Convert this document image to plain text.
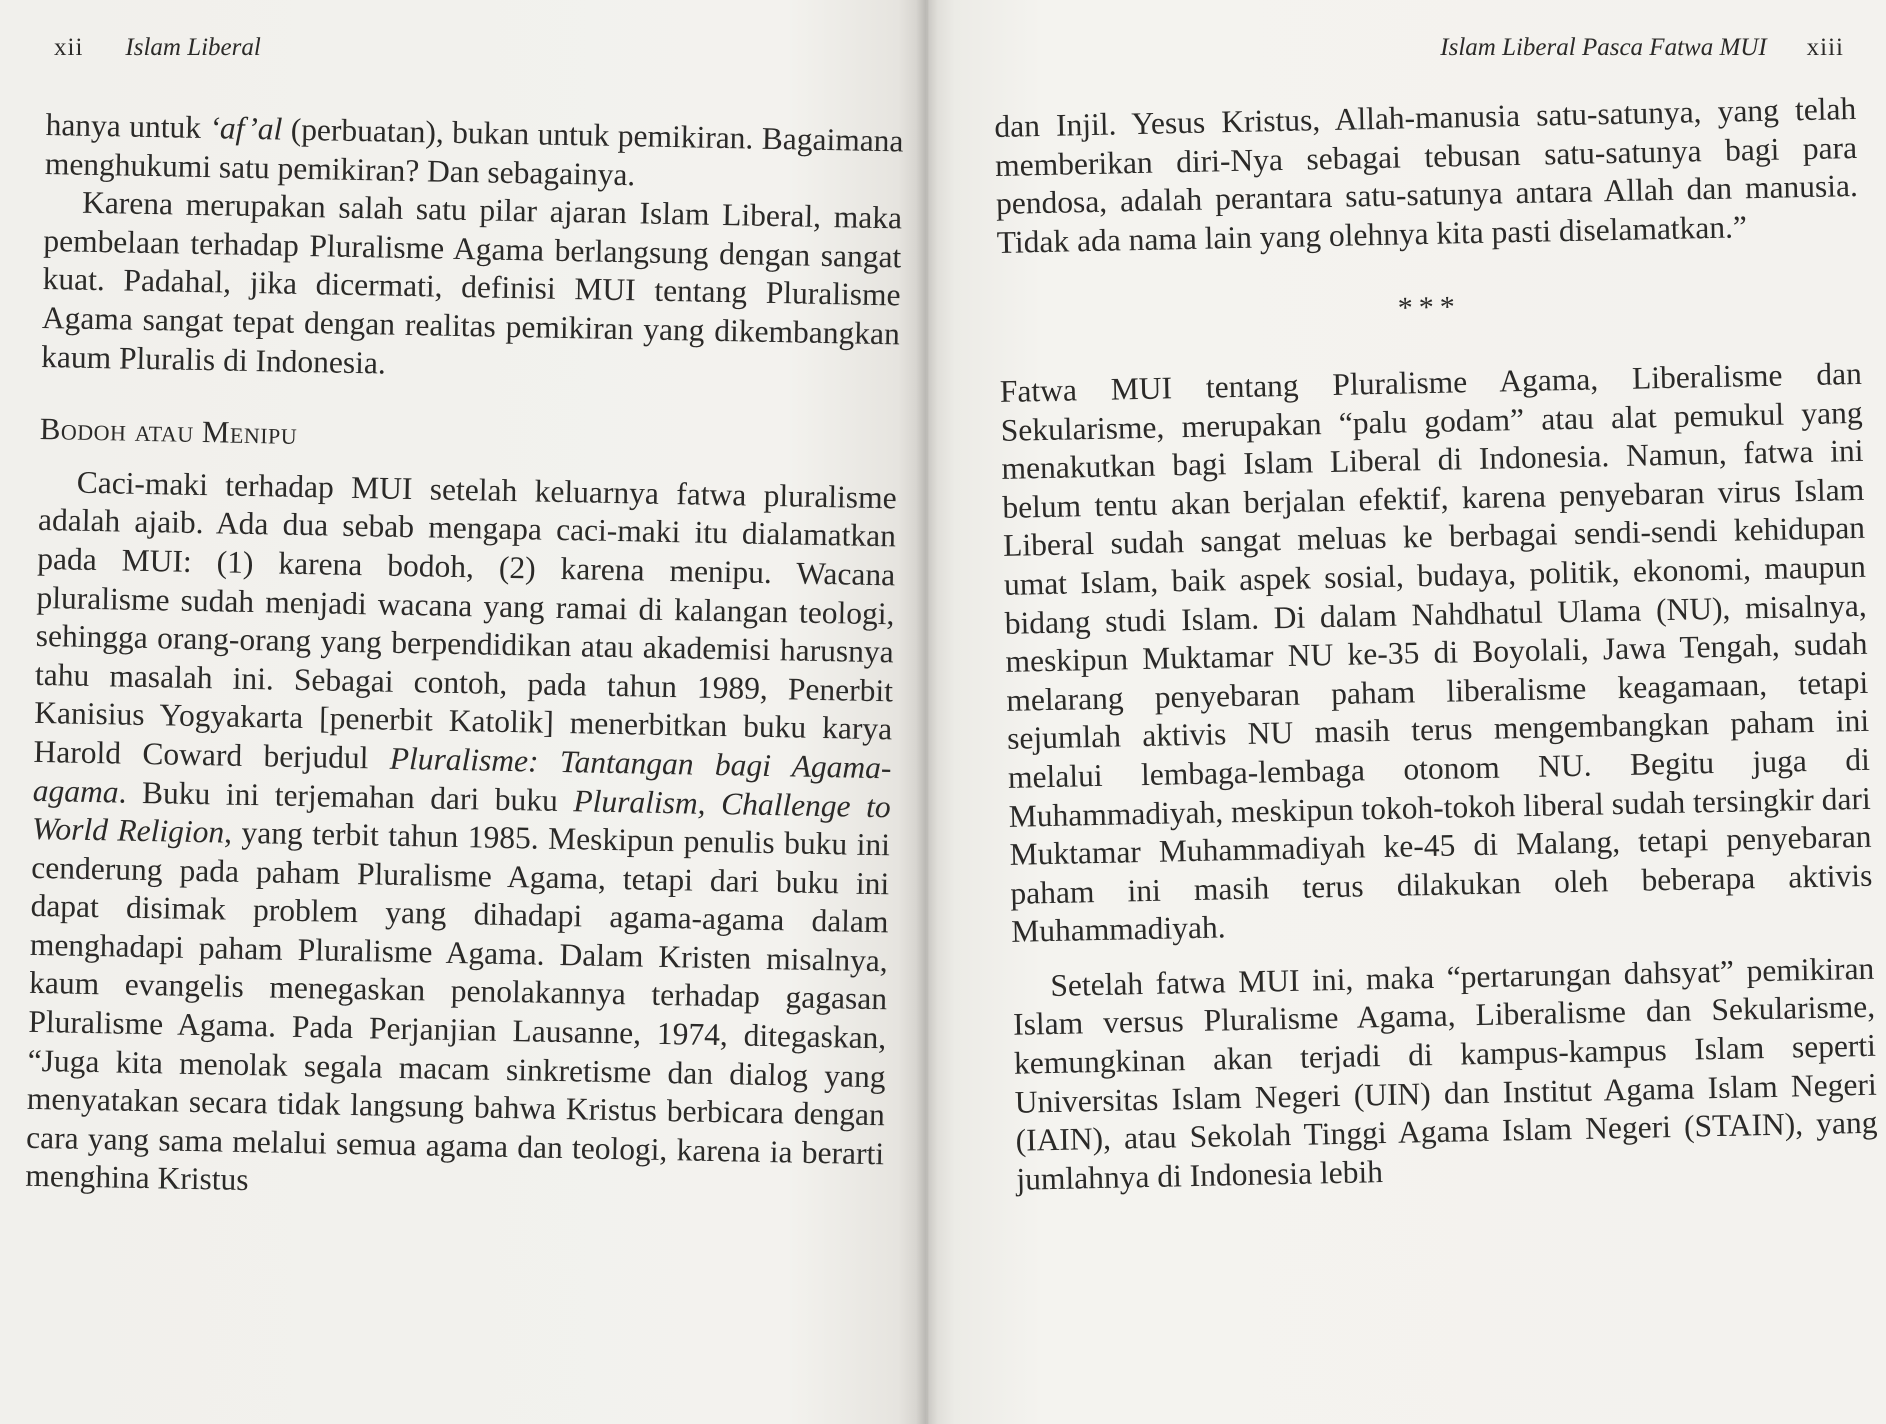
xii Islam Liberal

hanya untuk ‘af’al (perbuatan), bukan untuk pemikiran. Bagaimana menghukumi satu pemikiran? Dan sebagainya.

Karena merupakan salah satu pilar ajaran Islam Liberal, maka pembelaan terhadap Pluralisme Agama berlangsung dengan sangat kuat. Padahal, jika dicermati, definisi MUI tentang Pluralisme Agama sangat tepat dengan realitas pemikiran yang dikembangkan kaum Pluralis di Indonesia.

Bodoh atau Menipu

Caci-maki terhadap MUI setelah keluarnya fatwa pluralisme adalah ajaib. Ada dua sebab mengapa caci-maki itu dialamatkan pada MUI: (1) karena bodoh, (2) karena menipu. Wacana pluralisme sudah menjadi wacana yang ramai di kalangan teologi, sehingga orang-orang yang berpendidikan atau akademisi harusnya tahu masalah ini. Sebagai contoh, pada tahun 1989, Penerbit Kanisius Yogyakarta [penerbit Katolik] menerbitkan buku karya Harold Coward berjudul Pluralisme: Tantangan bagi Agama-agama. Buku ini terjemahan dari buku Pluralism, Challenge to World Religion, yang terbit tahun 1985. Meskipun penulis buku ini cenderung pada paham Pluralisme Agama, tetapi dari buku ini dapat disimak problem yang dihadapi agama-agama dalam menghadapi paham Pluralisme Agama. Dalam Kristen misalnya, kaum evangelis menegaskan penolakannya terhadap gagasan Pluralisme Agama. Pada Perjanjian Lausanne, 1974, ditegaskan, “Juga kita menolak segala macam sinkretisme dan dialog yang menyatakan secara tidak langsung bahwa Kristus berbicara dengan cara yang sama melalui semua agama dan teologi, karena ia berarti menghina Kristus

Islam Liberal Pasca Fatwa MUI xiii

dan Injil. Yesus Kristus, Allah-manusia satu-satunya, yang telah memberikan diri-Nya sebagai tebusan satu-satunya bagi para pendosa, adalah perantara satu-satunya antara Allah dan manusia. Tidak ada nama lain yang olehnya kita pasti diselamatkan.”

***

Fatwa MUI tentang Pluralisme Agama, Liberalisme dan Sekularisme, merupakan “palu godam” atau alat pemukul yang menakutkan bagi Islam Liberal di Indonesia. Namun, fatwa ini belum tentu akan berjalan efektif, karena penyebaran virus Islam Liberal sudah sangat meluas ke berbagai sendi-sendi kehidupan umat Islam, baik aspek sosial, budaya, politik, ekonomi, maupun bidang studi Islam. Di dalam Nahdhatul Ulama (NU), misalnya, meskipun Muktamar NU ke-35 di Boyolali, Jawa Tengah, sudah melarang penyebaran paham liberalisme keagamaan, tetapi sejumlah aktivis NU masih terus mengembangkan paham ini melalui lembaga-lembaga otonom NU. Begitu juga di Muhammadiyah, meskipun tokoh-tokoh liberal sudah tersingkir dari Muktamar Muhammadiyah ke-45 di Malang, tetapi penyebaran paham ini masih terus dilakukan oleh beberapa aktivis Muhammadiyah.

Setelah fatwa MUI ini, maka “pertarungan dahsyat” pemikiran Islam versus Pluralisme Agama, Liberalisme dan Sekularisme, kemungkinan akan terjadi di kampus-kampus Islam seperti Universitas Islam Negeri (UIN) dan Institut Agama Islam Negeri (IAIN), atau Sekolah Tinggi Agama Islam Negeri (STAIN), yang jumlahnya di Indonesia lebih
